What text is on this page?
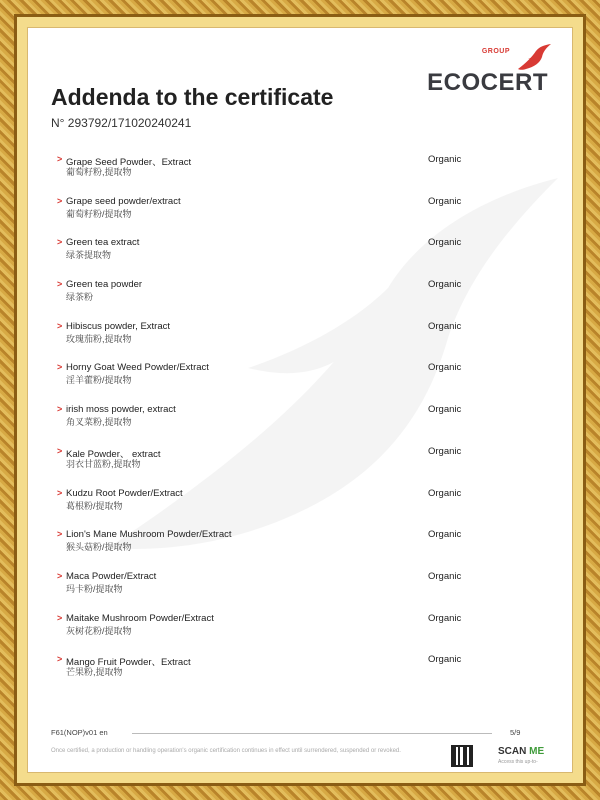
GROUP
ECOCERT
Addenda to the certificate
N° 293792/171020240241
> Grape Seed Powder、Extract
葡萄籽粉,提取物
Organic
> Grape seed powder/extract
葡萄籽粉/提取物
Organic
> Green tea extract
绿茶提取物
Organic
> Green tea powder
绿茶粉
Organic
> Hibiscus powder, Extract
玫瑰茄粉,提取物
Organic
> Horny Goat Weed Powder/Extract
淫羊藿粉/提取物
Organic
> irish moss powder, extract
角叉菜粉,提取物
Organic
> Kale Powder、 extract
羽衣甘蓝粉,提取物
Organic
> Kudzu Root Powder/Extract
葛根粉/提取物
Organic
> Lion's Mane Mushroom Powder/Extract
猴头菇粉/提取物
Organic
> Maca Powder/Extract
玛卡粉/提取物
Organic
> Maitake Mushroom Powder/Extract
灰树花粉/提取物
Organic
> Mango Fruit Powder、Extract
芒果粉,提取物
Organic
F61(NOP)v01 en	5/9
Once certified, a production or handling operation's organic certification continues in effect until surrendered, suspended or revoked.	SCAN ME
Access this up-to-
